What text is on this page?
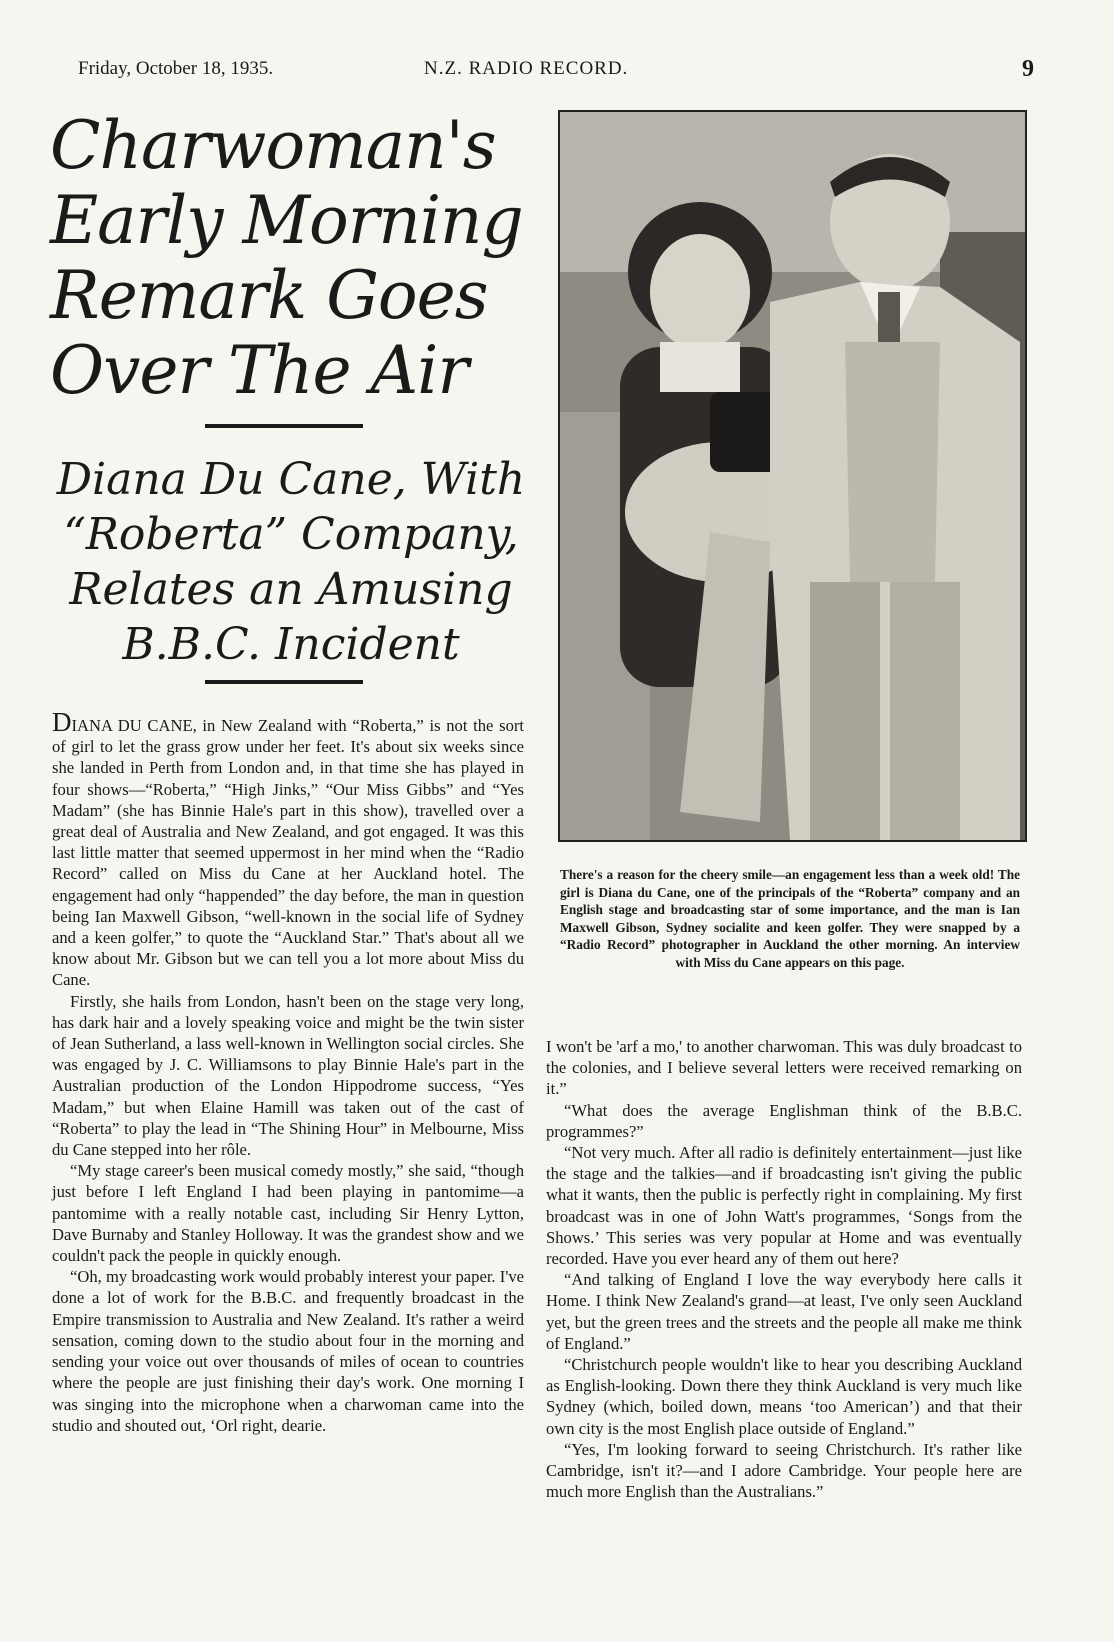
Friday, October 18, 1935.	N.Z. RADIO RECORD.	9
Charwoman's
Early Morning
Remark Goes
Over The Air
Diana Du Cane, With
“Roberta” Company,
Relates an Amusing
B.B.C. Incident
There's a reason for the cheery smile—an engagement less than a week old! The girl is Diana du Cane, one of the principals of the “Roberta” company and an English stage and broadcasting star of some importance, and the man is Ian Maxwell Gibson, Sydney socialite and keen golfer. They were snapped by a “Radio Record” photographer in Auckland the other morning. An interview with Miss du Cane appears on this page.

DIANA DU CANE, in New Zealand with “Roberta,” is not the sort of girl to let the grass grow under her feet. It's about six weeks since she landed in Perth from London and, in that time she has played in four shows—“Roberta,” “High Jinks,” “Our Miss Gibbs” and “Yes Madam” (she has Binnie Hale's part in this show), travelled over a great deal of Australia and New Zealand, and got engaged. It was this last little matter that seemed uppermost in her mind when the “Radio Record” called on Miss du Cane at her Auckland hotel. The engagement had only “happended” the day before, the man in question being Ian Maxwell Gibson, “well-known in the social life of Sydney and a keen golfer,” to quote the “Auckland Star.” That's about all we know about Mr. Gibson but we can tell you a lot more about Miss du Cane.

Firstly, she hails from London, hasn't been on the stage very long, has dark hair and a lovely speaking voice and might be the twin sister of Jean Sutherland, a lass well-known in Wellington social circles. She was engaged by J. C. Williamsons to play Binnie Hale's part in the Australian production of the London Hippodrome success, “Yes Madam,” but when Elaine Hamill was taken out of the cast of “Roberta” to play the lead in “The Shining Hour” in Melbourne, Miss du Cane stepped into her rôle.

“My stage career's been musical comedy mostly,” she said, “though just before I left England I had been playing in pantomime—a pantomime with a really notable cast, including Sir Henry Lytton, Dave Burnaby and Stanley Holloway. It was the grandest show and we couldn't pack the people in quickly enough.

“Oh, my broadcasting work would probably interest your paper. I've done a lot of work for the B.B.C. and frequently broadcast in the Empire transmission to Australia and New Zealand. It's rather a weird sensation, coming down to the studio about four in the morning and sending your voice out over thousands of miles of ocean to countries where the people are just finishing their day's work. One morning I was singing into the microphone when a charwoman came into the studio and shouted out, ‘Orl right, dearie.

I won't be 'arf a mo,' to another charwoman. This was duly broadcast to the colonies, and I believe several letters were received remarking on it.”

“What does the average Englishman think of the B.B.C. programmes?”

“Not very much. After all radio is definitely entertainment—just like the stage and the talkies—and if broadcasting isn't giving the public what it wants, then the public is perfectly right in complaining. My first broadcast was in one of John Watt's programmes, ‘Songs from the Shows.’ This series was very popular at Home and was eventually recorded. Have you ever heard any of them out here?

“And talking of England I love the way everybody here calls it Home. I think New Zealand's grand—at least, I've only seen Auckland yet, but the green trees and the streets and the people all make me think of England.”

“Christchurch people wouldn't like to hear you describing Auckland as English-looking. Down there they think Auckland is very much like Sydney (which, boiled down, means ‘too American’) and that their own city is the most English place outside of England.”

“Yes, I'm looking forward to seeing Christchurch. It's rather like Cambridge, isn't it?—and I adore Cambridge. Your people here are much more English than the Australians.”
